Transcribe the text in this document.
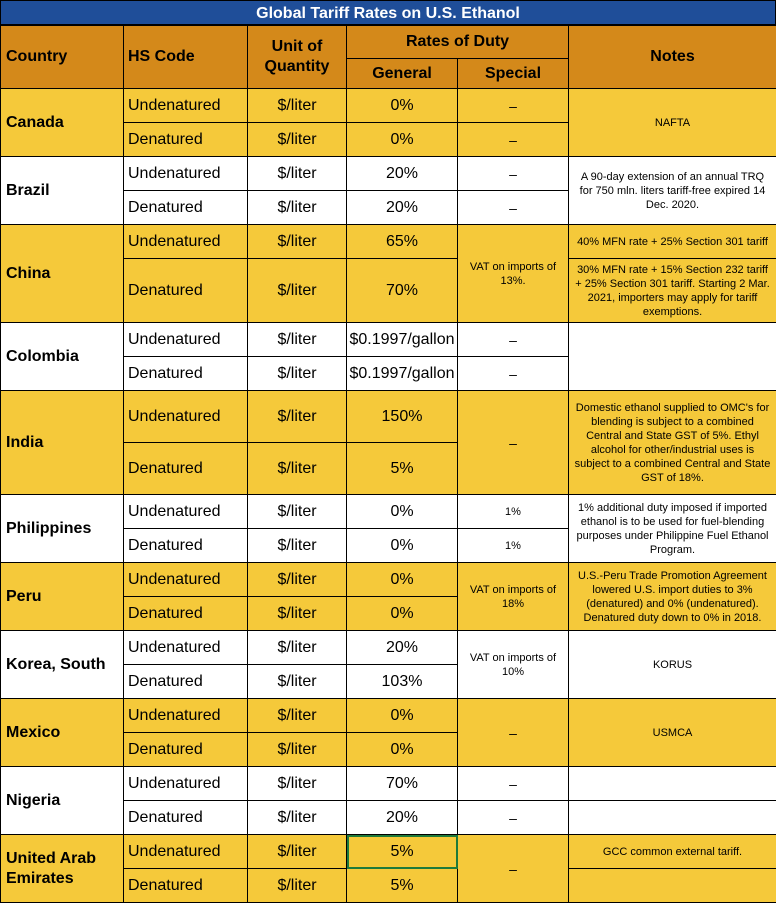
Global Tariff Rates on U.S. Ethanol
Country	HS Code	Unit of Quantity	Rates of Duty		Notes
			General	Special	
Canada	Undenatured	$/liter	0%	–	NAFTA
	Denatured	$/liter	0%	–	
Brazil	Undenatured	$/liter	20%	–	A 90-day extension of an annual TRQ for 750 mln. liters tariff-free expired 14 Dec. 2020.
	Denatured	$/liter	20%	–	
China	Undenatured	$/liter	65%	VAT on imports of 13%.	40% MFN rate + 25% Section 301 tariff
	Denatured	$/liter	70%		30% MFN rate + 15% Section 232 tariff + 25% Section 301 tariff. Starting 2 Mar. 2021, importers may apply for tariff exemptions.
Colombia	Undenatured	$/liter	$0.1997/gallon	–	
	Denatured	$/liter	$0.1997/gallon	–	
India	Undenatured	$/liter	150%	–	Domestic ethanol supplied to OMC's for blending is subject to a combined Central and State GST of 5%. Ethyl alcohol for other/industrial uses is subject to a combined Central and State GST of 18%.
	Denatured	$/liter	5%		
Philippines	Undenatured	$/liter	0%	1%	1% additional duty imposed if imported ethanol is to be used for fuel-blending purposes under Philippine Fuel Ethanol Program.
	Denatured	$/liter	0%	1%	
Peru	Undenatured	$/liter	0%	VAT on imports of 18%	U.S.-Peru Trade Promotion Agreement lowered U.S. import duties to 3% (denatured) and 0% (undenatured). Denatured duty down to 0% in 2018.
	Denatured	$/liter	0%		
Korea, South	Undenatured	$/liter	20%	VAT on imports of 10%	KORUS
	Denatured	$/liter	103%		
Mexico	Undenatured	$/liter	0%	–	USMCA
	Denatured	$/liter	0%		
Nigeria	Undenatured	$/liter	70%	–	
	Denatured	$/liter	20%	–	
United Arab Emirates	Undenatured	$/liter	5%	–	GCC common external tariff.
	Denatured	$/liter	5%		
